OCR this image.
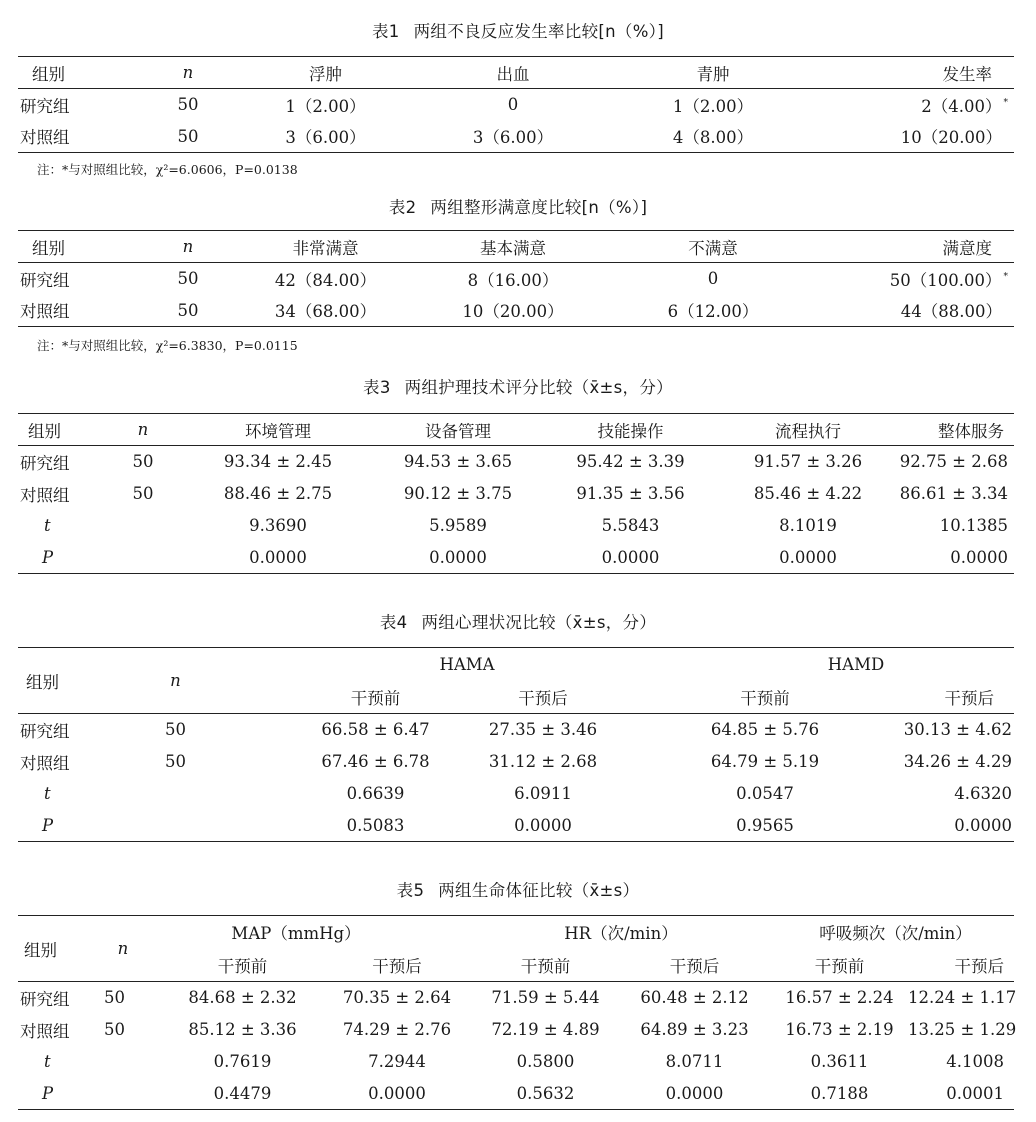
表1 两组不良反应发生率比较[n（%）]
组别	n	浮肿	出血	青肿	发生率
研究组	50	1（2.00）	0	1（2.00）	2（4.00） *
对照组	50	3（6.00）	3（6.00）	4（8.00）	10（20.00）
注：*与对照组比较，χ²=6.0606，P=0.0138
表2 两组整形满意度比较[n（%）]
组别	n	非常满意	基本满意	不满意	满意度
研究组	50	42（84.00）	8（16.00）	0	50（100.00） *
对照组	50	34（68.00）	10（20.00）	6（12.00）	44（88.00）
注：*与对照组比较，χ²=6.3830，P=0.0115
表3 两组护理技术评分比较（x̄±s，分）
组别	n	环境管理	设备管理	技能操作	流程执行	整体服务
研究组	50	93.34 ± 2.45	94.53 ± 3.65	95.42 ± 3.39	91.57 ± 3.26	92.75 ± 2.68
对照组	50	88.46 ± 2.75	90.12 ± 3.75	91.35 ± 3.56	85.46 ± 4.22	86.61 ± 3.34
t		9.3690	5.9589	5.5843	8.1019	10.1385
P		0.0000	0.0000	0.0000	0.0000	0.0000
表4 两组心理状况比较（x̄±s，分）
组别	n	HAMA		HAMD	

		干预前	干预后	干预前	干预后
研究组	50	66.58 ± 6.47	27.35 ± 3.46	64.85 ± 5.76	30.13 ± 4.62
对照组	50	67.46 ± 6.78	31.12 ± 2.68	64.79 ± 5.19	34.26 ± 4.29
t		0.6639	6.0911	0.0547	4.6320
P		0.5083	0.0000	0.9565	0.0000
表5 两组生命体征比较（x̄±s）
组别	n	MAP（mmHg）		HR（次/min）		呼吸频次（次/min）	

		干预前	干预后	干预前	干预后	干预前	干预后
研究组	50	84.68 ± 2.32	70.35 ± 2.64	71.59 ± 5.44	60.48 ± 2.12	16.57 ± 2.24	12.24 ± 1.17
对照组	50	85.12 ± 3.36	74.29 ± 2.76	72.19 ± 4.89	64.89 ± 3.23	16.73 ± 2.19	13.25 ± 1.29
t		0.7619	7.2944	0.5800	8.0711	0.3611	4.1008
P		0.4479	0.0000	0.5632	0.0000	0.7188	0.0001
